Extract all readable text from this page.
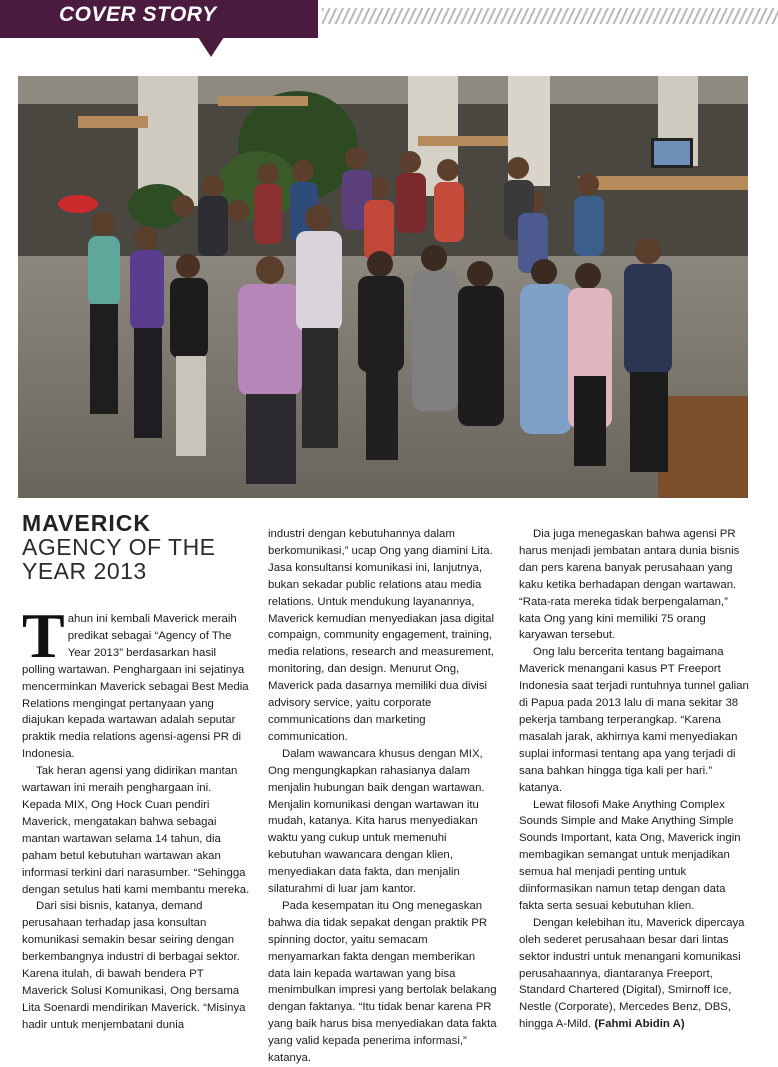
COVER STORY
MAVERICK
AGENCY OF THE
YEAR 2013

Tahun ini kembali Maverick meraih predikat sebagai “Agency of The Year 2013” berdasarkan hasil polling wartawan. Penghargaan ini sejatinya mencerminkan Maverick sebagai Best Media Relations mengingat pertanyaan yang diajukan kepada wartawan adalah seputar praktik media relations agensi-agensi PR di Indonesia.

Tak heran agensi yang didirikan mantan wartawan ini meraih penghargaan ini. Kepada MIX, Ong Hock Cuan pendiri Maverick, mengatakan bahwa sebagai mantan wartawan selama 14 tahun, dia paham betul kebutuhan wartawan akan informasi terkini dari narasumber. “Sehingga dengan setulus hati kami membantu mereka.

Dari sisi bisnis, katanya, demand perusahaan terhadap jasa konsultan komunikasi semakin besar seiring dengan berkembangnya industri di berbagai sektor. Karena itulah, di bawah bendera PT Maverick Solusi Komunikasi, Ong bersama Lita Soenardi mendirikan Maverick. “Misinya hadir untuk menjembatani dunia

industri dengan kebutuhannya dalam berkomunikasi,” ucap Ong yang diamini Lita. Jasa konsultansi komunikasi ini, lanjutnya, bukan sekadar public relations atau media relations. Untuk mendukung layanannya, Maverick kemudian menyediakan jasa digital compaign, community engagement, training, media relations, research and measurement, monitoring, dan design. Menurut Ong, Maverick pada dasarnya memiliki dua divisi advisory service, yaitu corporate communications dan marketing communication.

Dalam wawancara khusus dengan MIX, Ong mengungkapkan rahasianya dalam menjalin hubungan baik dengan wartawan. Menjalin komunikasi dengan wartawan itu mudah, katanya. Kita harus menyediakan waktu yang cukup untuk memenuhi kebutuhan wawancara dengan klien, menyediakan data fakta, dan menjalin silaturahmi di luar jam kantor.

Pada kesempatan itu Ong menegaskan bahwa dia tidak sepakat dengan praktik PR spinning doctor, yaitu semacam menyamarkan fakta dengan memberikan data lain kepada wartawan yang bisa menimbulkan impresi yang bertolak belakang dengan faktanya. “Itu tidak benar karena PR yang baik harus bisa menyediakan data fakta yang valid kepada penerima informasi,” katanya.

Dia juga menegaskan bahwa agensi PR harus menjadi jembatan antara dunia bisnis dan pers karena banyak perusahaan yang kaku ketika berhadapan dengan wartawan. “Rata-rata mereka tidak berpengalaman,” kata Ong yang kini memiliki 75 orang karyawan tersebut.

Ong lalu bercerita tentang bagaimana Maverick menangani kasus PT Freeport Indonesia saat terjadi runtuhnya tunnel galian di Papua pada 2013 lalu di mana sekitar 38 pekerja tambang terperangkap. “Karena masalah jarak, akhirnya kami menyediakan suplai informasi tentang apa yang terjadi di sana bahkan hingga tiga kali per hari.” katanya.

Lewat filosofi Make Anything Complex Sounds Simple and Make Anything Simple Sounds Important, kata Ong, Maverick ingin membagikan semangat untuk menjadikan semua hal menjadi penting untuk diinformasikan namun tetap dengan data fakta serta sesuai kebutuhan klien.

Dengan kelebihan itu, Maverick dipercaya oleh sederet perusahaan besar dari lintas sektor industri untuk menangani komunikasi perusahaannya, diantaranya Freeport, Standard Chartered (Digital), Smirnoff Ice, Nestle (Corporate), Mercedes Benz, DBS, hingga A-Mild. (Fahmi Abidin A)
